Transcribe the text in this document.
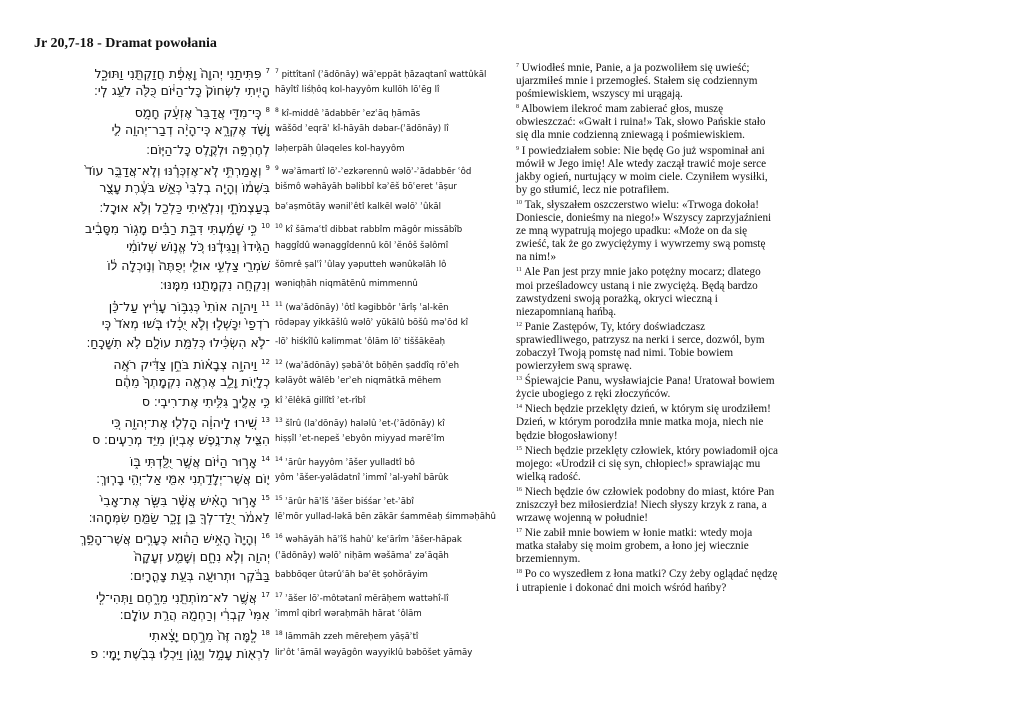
Jr 20,7-18 - Dramat powołania
$^7$ פִּתִּיתַנִי יְהוָה֙ וָאֶפָּ֔ת חֲזַקְתַּ֖נִי וַתּוּכָ֑ל
הָיִ֤יתִי לִשְׂחוֹק֙ כָּל־הַיּ֔וֹם כֻּלֹּ֖ה לֹעֵ֥ג לִֽי׃
$^8$ כִּֽי־מִדֵּ֤י אֲדַבֵּר֙ אֶזְעָ֔ק חָמָ֥ס
וָשֹׁ֖ד אֶקְרָ֑א כִּֽי־הָיָ֨ה דְבַר־יְהוָ֥ה לִ֛י
לְחֶרְפָּ֥ה וּלְקֶ֖לֶס כָּל־הַיּֽוֹם׃
$^9$ וְאָמַרְתִּ֣י לֹֽא־אֶזְכְּרֶ֗נּוּ וְלֹֽא־אֲדַבֵּ֥ר עוֹד֙
בִּשְׁמ֔וֹ וְהָיָ֤ה בְלִבִּי֙ כְּאֵ֣שׁ בֹּעֶ֔רֶת עָצֻ֖ר
בְּעַצְמֹתָ֑י וְנִלְאֵ֥יתִי כַּלְכֵ֖ל וְלֹ֥א אוּכָֽל׃
$^{10}$ כִּ֣י שָׁמַ֜עְתִּי דִּבַּ֣ת רַבִּ֗ים מָג֣וֹר מִסָּבִ֔יב
הַגִּ֙ידוּ֙ וְנַגִּידֶ֔נּוּ כֹּ֚ל אֱנ֣וֹשׁ שְׁלוֹמִ֔י
שֹׁמְרֵ֖י צַלְעִ֑י אוּלַ֤י יְפֻתֶּה֙ וְנ֣וּכְלָה ל֔וֹ
וְנִקְחָ֥ה נִקְמָתֵ֖נוּ מִמֶּֽנּוּ׃
$^{11}$ וַיהוָ֤ה אוֹתִי֙ כְּגִבּ֣וֹר עָרִ֔יץ עַל־כֵּ֗ן
רֹדְפַי֙ יִכָּשְׁל֣וּ וְלֹ֣א יֻכָ֔לוּ בֹּ֤שׁוּ מְאֹד֙ כִּֽי
־לֹ֣א הִשְׂכִּ֔ילוּ כְּלִמַּ֥ת עוֹלָ֖ם לֹ֥א תִשָּׁכֵֽחַ׃
$^{12}$ וַיהוָ֣ה צְבָא֗וֹת בֹּחֵ֣ן צַדִּ֔יק רֹאֶ֥ה
כְלָי֖וֹת וָלֵ֑ב אֶרְאֶ֤ה נִקְמָֽתְךָ֙ מֵהֶ֔ם
כִּ֥י אֵלֶ֖יךָ גִּלִּ֥יתִי אֶת־רִיבִֽי׃ ס
$^{13}$ שִׁ֚ירוּ לַֽיהוָ֔ה הַֽלְל֖וּ אֶת־יְהוָ֑ה כִּ֚י
הִצִּ֛יל אֶת־נֶ֥פֶשׁ אֶבְי֖וֹן מִיַּ֥ד מְרֵעִֽים׃ ס
$^{14}$ אָר֣וּר הַיּ֔וֹם אֲשֶׁ֥ר יֻלַּ֖דְתִּי בּ֑וֹ
י֛וֹם אֲשֶׁר־יְלָדַ֥תְנִי אִמִּ֖י אַל־יְהִ֥י בָרֽוּךְ׃
$^{15}$ אָר֣וּר הָאִ֗ישׁ אֲשֶׁ֨ר בִּשַּׂ֤ר אֶת־אָבִי֙
לֵאמֹ֔ר יֻלַּד־לְךָ֖ בֵּ֣ן זָכָ֑ר שַׂמֵּ֖חַ שִׂמְּחָֽהוּ׃
$^{16}$ וְהָיָה֙ הָאִ֣ישׁ הַה֔וּא כֶּעָרִ֛ים אֲשֶׁר־הָפַ֥ךְ
יְהוָ֖ה וְלֹ֣א נִחָ֑ם וְשָׁמַ֤ע זְעָקָה֙
בַּבֹּ֔קֶר וּתְרוּעָ֖ה בְּעֵ֥ת צָהֳרָֽיִם׃
$^{17}$ אֲשֶׁ֥ר לֹא־מוֹתְתַ֖נִי מֵרָ֑חֶם וַתְּהִי־לִ֤י
אִמִּי֙ קִבְרִ֔י וְרַחְמָ֖הּ הֲרַ֥ת עוֹלָֽם׃
$^{18}$ לָ֤מָּה זֶּה֙ מֵרֶ֣חֶם יָצָ֔אתִי
לִרְא֖וֹת עָמָ֣ל וְיָג֑וֹן וַיִּכְל֥וּ בְּבֹ֖שֶׁת יָמָֽי׃ פ
$^7$ pittîtanî (ʾădōnāy) wāʾeppāt ḥăzaqtanî wattûkāl
hāyîtî liśḥôq kol-hayyôm kullōh lōʿēg lî
$^8$ kî-middê ʾădabbēr ʾezʿāq ḥāmās
wāšōd ʾeqrāʾ kî-hāyāh dəbar-(ʾădōnāy) lî
ləḥerpāh ûləqeles kol-hayyôm
$^9$ wəʾāmartî lōʾ-ʾezkərennû wəlōʾ-ʾădabbēr ʿôd
bišmô wəhāyāh bəlibbî kəʾēš bōʿeret ʿāṣur
bəʿaṣmōtāy wənilʾêtî kalkēl wəlōʾ ʾûkāl
$^{10}$ kî šāmaʿtî dibbat rabbîm māgôr missābîb
haggîdû wənaggîdennû kōl ʾĕnôš šəlômî
šōmrê ṣalʿî ʾûlay yəputteh wənûkəlāh lô
wəniqḥāh niqmātēnû mimmennû
$^{11}$ (waʾădōnāy) ʾôtî kəgibbôr ʿārîṣ ʿal-kēn
rōdəpay yikkāšlû wəlōʾ yūkālû bōšû məʾōd kî
-lōʾ hiśkîlû kəlimmat ʿôlām lōʾ tiššākēaḥ
$^{12}$ (waʾădōnāy) ṣəbāʾôt bōḥēn ṣaddîq rōʾeh
kəlāyôt wālēb ʾerʾeh niqmātkā mēhem
kî ʾēlêkā gillîtî ʾet-rîbî
$^{13}$ šîrû (laʾdōnāy) haləlû ʾet-(ʾădōnāy) kî
hiṣṣîl ʾet-nepeš ʾebyôn miyyad mərēʿîm
$^{14}$ ʾārûr hayyôm ʾăšer yulladtî bô
yôm ʾăšer-yəlādatnî ʾimmî ʾal-yəhî bārûk
$^{15}$ ʾārûr hāʾîš ʾăšer biśśar ʾet-ʾābî
lēʾmōr yullad-ləkā bēn zākār śammēaḥ śimməḥāhû
$^{16}$ wəhāyāh hāʾîš hahûʾ keʿārîm ʾăšer-hāpak
(ʾădōnāy) wəlōʾ niḥām wəšāmaʿ zəʿāqāh
babbōqer ûtərûʿāh bəʿēt ṣohŏrāyim
$^{17}$ ʾăšer lōʾ-môtətanî mērāḥem wattəhî-lî
ʾimmî qibrî wəraḥmāh hărat ʿôlām
$^{18}$ lāmmāh zzeh mēreḥem yāṣāʾtî
lirʾôt ʿāmāl wəyāgôn wayyiklû bəbōšet yāmāy

$^7$ Uwiodłeś mnie, Panie, a ja pozwoliłem się uwieść; ujarzmiłeś mnie i przemogłeś. Stałem się codziennym pośmiewiskiem, wszyscy mi urągają.

$^8$ Albowiem ilekroć mam zabierać głos, muszę obwieszczać: «Gwałt i ruina!» Tak, słowo Pańskie stało się dla mnie codzienną zniewagą i pośmiewiskiem.

$^9$ I powiedziałem sobie: Nie będę Go już wspominał ani mówił w Jego imię! Ale wtedy zaczął trawić moje serce jakby ogień, nurtujący w moim ciele. Czyniłem wysiłki, by go stłumić, lecz nie potrafiłem.

$^{10}$ Tak, słyszałem oszczerstwo wielu: «Trwoga dokoła! Doniescie, donieśmy na niego!» Wszyscy zaprzyjaźnieni ze mną wypatrują mojego upadku: «Może on da się zwieść, tak że go zwyciężymy i wywrzemy swą pomstę na nim!»

$^{11}$ Ale Pan jest przy mnie jako potężny mocarz; dlatego moi prześladowcy ustaną i nie zwyciężą. Będą bardzo zawstydzeni swoją porażką, okryci wieczną i niezapomnianą hańbą.

$^{12}$ Panie Zastępów, Ty, który doświadczasz sprawiedliwego, patrzysz na nerki i serce, dozwól, bym zobaczył Twoją pomstę nad nimi. Tobie bowiem powierzyłem swą sprawę.

$^{13}$ Śpiewajcie Panu, wysławiajcie Pana! Uratował bowiem życie ubogiego z ręki złoczyńców.

$^{14}$ Niech będzie przeklęty dzień, w którym się urodziłem! Dzień, w którym porodziła mnie matka moja, niech nie będzie błogosławiony!

$^{15}$ Niech będzie przeklęty człowiek, który powiadomił ojca mojego: «Urodził ci się syn, chłopiec!» sprawiając mu wielką radość.

$^{16}$ Niech będzie ów człowiek podobny do miast, które Pan zniszczył bez miłosierdzia! Niech słyszy krzyk z rana, a wrzawę wojenną w południe!

$^{17}$ Nie zabił mnie bowiem w łonie matki: wtedy moja matka stałaby się moim grobem, a łono jej wiecznie brzemiennym.

$^{18}$ Po co wyszedłem z łona matki? Czy żeby oglądać nędzę i utrapienie i dokonać dni moich wśród hańby?
